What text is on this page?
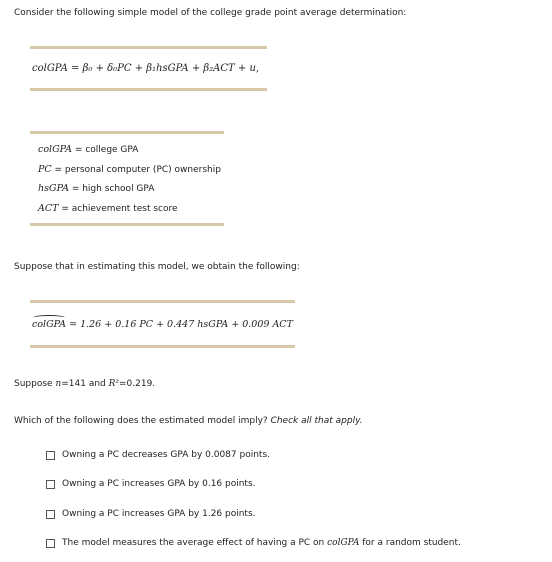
Consider the following simple model of the college grade point average determination:
colGPA = β₀ + δ₀PC + β₁hsGPA + β₂ACT + u,
colGPA = college GPA
PC = personal computer (PC) ownership
hsGPA = high school GPA
ACT = achievement test score
Suppose that in estimating this model, we obtain the following:
colGPA = 1.26 + 0.16 PC + 0.447 hsGPA + 0.009 ACT
Suppose n=141 and R²=0.219.
Which of the following does the estimated model imply? Check all that apply.
Owning a PC decreases GPA by 0.0087 points.
Owning a PC increases GPA by 0.16 points.
Owning a PC increases GPA by 1.26 points.
The model measures the average effect of having a PC on colGPA for a random student.
